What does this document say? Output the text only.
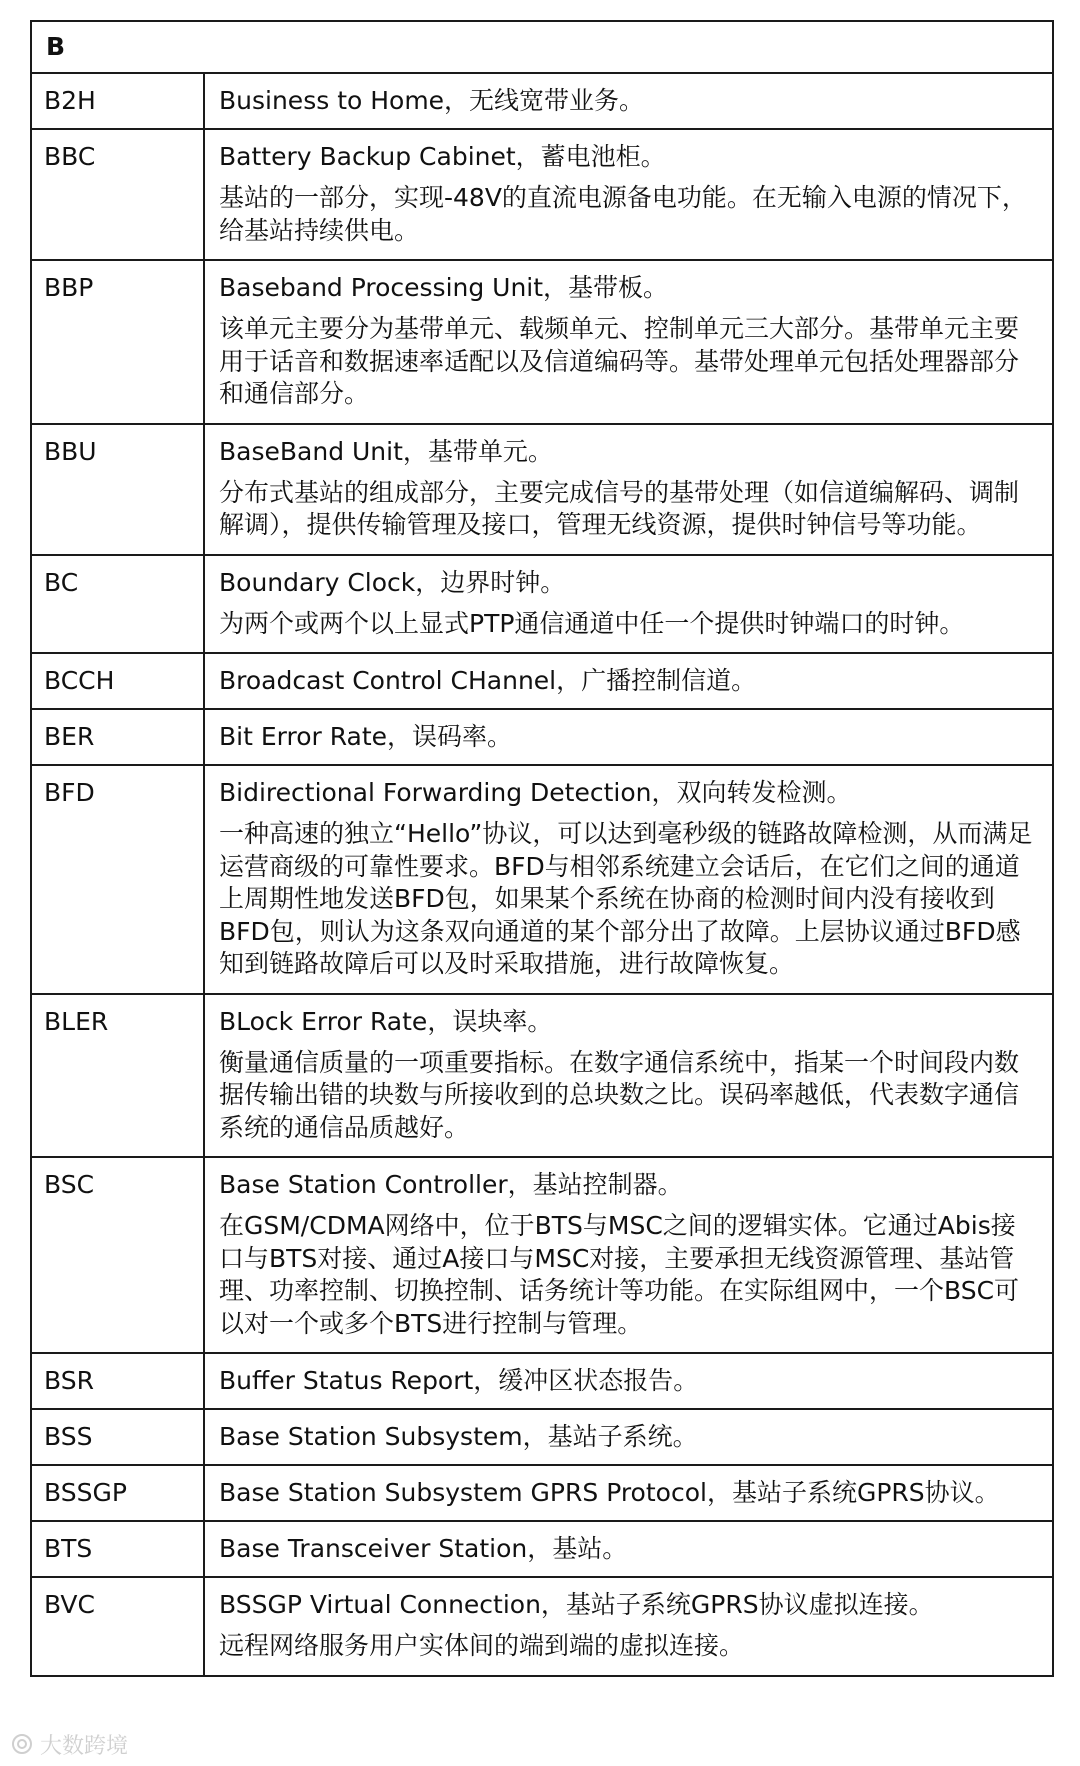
B	
B2H	Business to Home，无线宽带业务。

BBC	Battery Backup Cabinet，蓄电池柜。

基站的一部分，实现-48V的直流电源备电功能。在无输入电源的情况下，给基站持续供电。

BBP	Baseband Processing Unit，基带板。

该单元主要分为基带单元、载频单元、控制单元三大部分。基带单元主要用于话音和数据速率适配以及信道编码等。基带处理单元包括处理器部分和通信部分。

BBU	BaseBand Unit，基带单元。

分布式基站的组成部分，主要完成信号的基带处理（如信道编解码、调制解调），提供传输管理及接口，管理无线资源，提供时钟信号等功能。

BC	Boundary Clock，边界时钟。

为两个或两个以上显式PTP通信通道中任一个提供时钟端口的时钟。

BCCH	Broadcast Control CHannel，广播控制信道。

BER	Bit Error Rate，误码率。

BFD	Bidirectional Forwarding Detection，双向转发检测。

一种高速的独立“Hello”协议，可以达到毫秒级的链路故障检测，从而满足运营商级的可靠性要求。BFD与相邻系统建立会话后，在它们之间的通道上周期性地发送BFD包，如果某个系统在协商的检测时间内没有接收到BFD包，则认为这条双向通道的某个部分出了故障。上层协议通过BFD感知到链路故障后可以及时采取措施，进行故障恢复。

BLER	BLock Error Rate，误块率。

衡量通信质量的一项重要指标。在数字通信系统中，指某一个时间段内数据传输出错的块数与所接收到的总块数之比。误码率越低，代表数字通信系统的通信品质越好。

BSC	Base Station Controller，基站控制器。

在GSM/CDMA网络中，位于BTS与MSC之间的逻辑实体。它通过Abis接口与BTS对接、通过A接口与MSC对接，主要承担无线资源管理、基站管理、功率控制、切换控制、话务统计等功能。在实际组网中，一个BSC可以对一个或多个BTS进行控制与管理。

BSR	Buffer Status Report，缓冲区状态报告。

BSS	Base Station Subsystem，基站子系统。

BSSGP	Base Station Subsystem GPRS Protocol，基站子系统GPRS协议。

BTS	Base Transceiver Station，基站。

BVC	BSSGP Virtual Connection，基站子系统GPRS协议虚拟连接。

远程网络服务用户实体间的端到端的虚拟连接。

大数跨境
